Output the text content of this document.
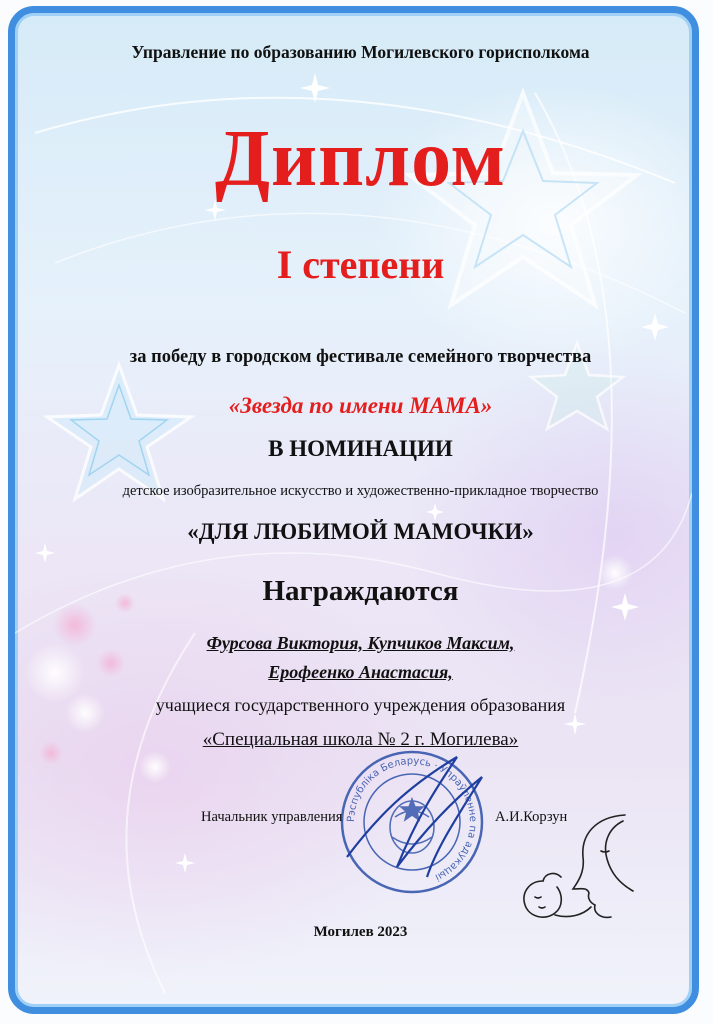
Управление по образованию Могилевского горисполкома
Диплом
I степени
за победу в городском фестивале семейного творчества
«Звезда по имени МАМА»
В НОМИНАЦИИ
детское изобразительное искусство и художественно-прикладное творчество
«ДЛЯ ЛЮБИМОЙ МАМОЧКИ»
Награждаются
Фурсова Виктория, Купчиков Максим,
Ерофеенко Анастасия,
учащиеся государственного учреждения образования
«Специальная школа № 2 г. Могилева»
Рэспубліка Беларусь · Упраўленне па адукацыі
Начальник управления	А.И.Корзун
Могилев 2023
